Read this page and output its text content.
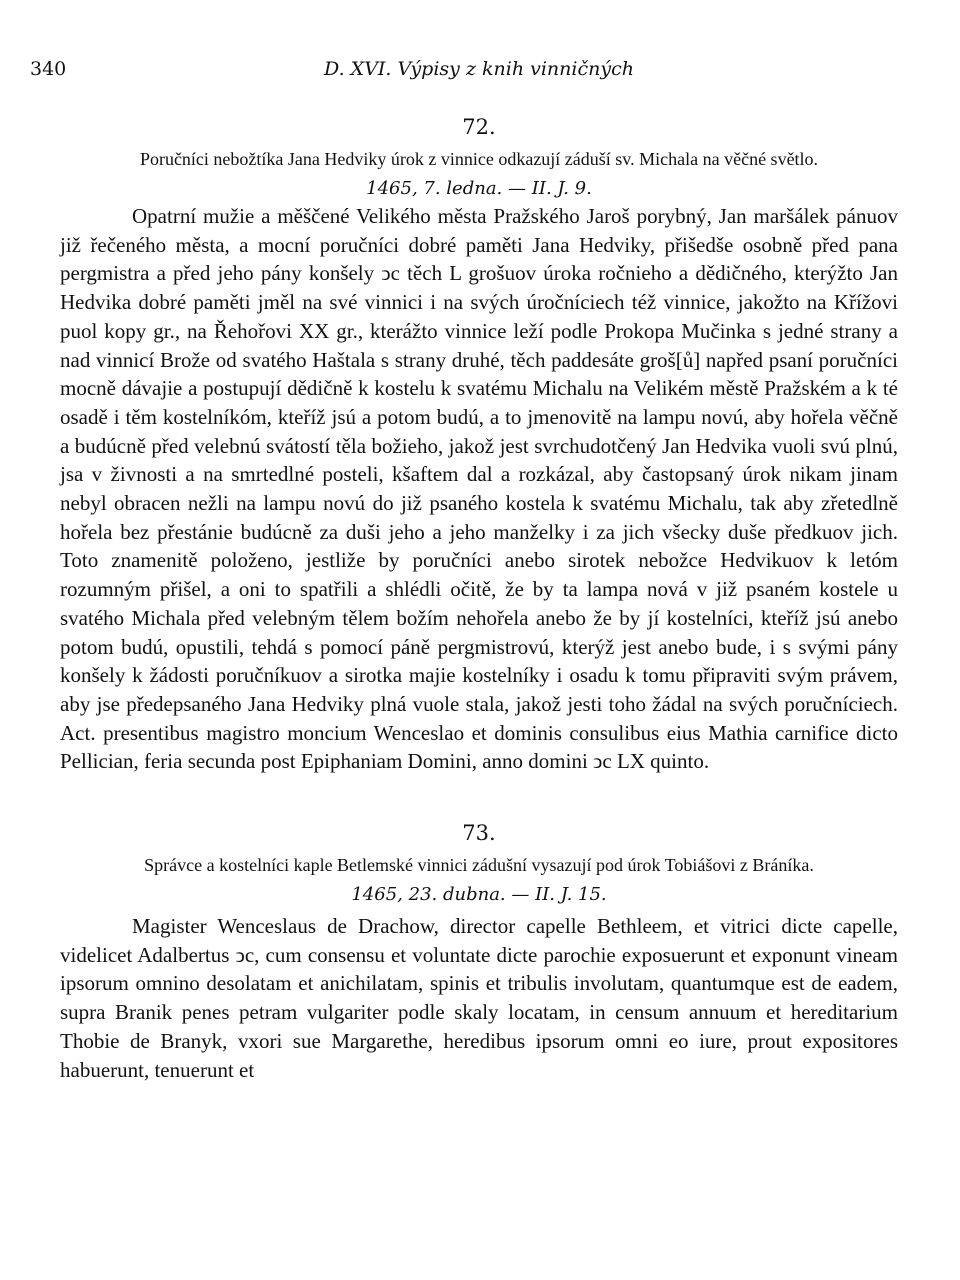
340	D. XVI. Výpisy z knih vinničných
72.
Poručníci nebožtíka Jana Hedviky úrok z vinnice odkazují záduší sv. Michala na věčné světlo.
1465, 7. ledna. — II. J. 9.

Opatrní mužie a měščené Velikého města Pražského Jaroš porybný, Jan maršálek pánuov již řečeného města, a mocní poručníci dobré paměti Jana Hedviky, přišedše osobně před pana pergmistra a před jeho pány konšely ↄc těch L grošuov úroka ročnieho a dědičného, kterýžto Jan Hedvika dobré paměti jměl na své vinnici i na svých úročníciech též vinnice, jakožto na Křížovi puol kopy gr., na Řehořovi XX gr., kterážto vinnice leží podle Prokopa Mučinka s jedné strany a nad vinnicí Brože od svatého Haštala s strany druhé, těch paddesáte groš[ů] napřed psaní poručníci mocně dávajie a postupují dědičně k kostelu k svatému Michalu na Velikém městě Pražském a k té osadě i těm kostelníkóm, kteříž jsú a potom budú, a to jmenovitě na lampu novú, aby hořela věčně a budúcně před velebnú svátostí těla božieho, jakož jest svrchudotčený Jan Hedvika vuoli svú plnú, jsa v živnosti a na smrtedlné posteli, kšaftem dal a rozkázal, aby častopsaný úrok nikam jinam nebyl obracen nežli na lampu novú do již psaného kostela k svatému Michalu, tak aby zřetedlně hořela bez přestánie budúcně za duši jeho a jeho manželky i za jich všecky duše předkuov jich. Toto znamenitě položeno, jestliže by poručníci anebo sirotek nebožce Hedvikuov k letóm rozumným přišel, a oni to spatřili a shlédli očitě, že by ta lampa nová v již psaném kostele u svatého Michala před velebným tělem božím nehořela anebo že by jí kostelníci, kteříž jsú anebo potom budú, opustili, tehdá s pomocí páně pergmistrovú, kterýž jest anebo bude, i s svými pány konšely k žádosti poručníkuov a sirotka majie kostelníky i osadu k tomu připraviti svým právem, aby jse předepsaného Jana Hedviky plná vuole stala, jakož jesti toho žádal na svých poručníciech. Act. presentibus magistro moncium Wenceslao et dominis consulibus eius Mathia carnifice dicto Pellician, feria secunda post Epiphaniam Domini, anno domini ↄc LX quinto.

73.
Správce a kostelníci kaple Betlemské vinnici zádušní vysazují pod úrok Tobiášovi z Bráníka.
1465, 23. dubna. — II. J. 15.

Magister Wenceslaus de Drachow, director capelle Bethleem, et vitrici dicte capelle, videlicet Adalbertus ↄc, cum consensu et voluntate dicte parochie exposuerunt et exponunt vineam ipsorum omnino desolatam et anichilatam, spinis et tribulis involutam, quantumque est de eadem, supra Branik penes petram vulgariter podle skaly locatam, in censum annuum et hereditarium Thobie de Branyk, vxori sue Margarethe, heredibus ipsorum omni eo iure, prout expositores habuerunt, tenuerunt et
